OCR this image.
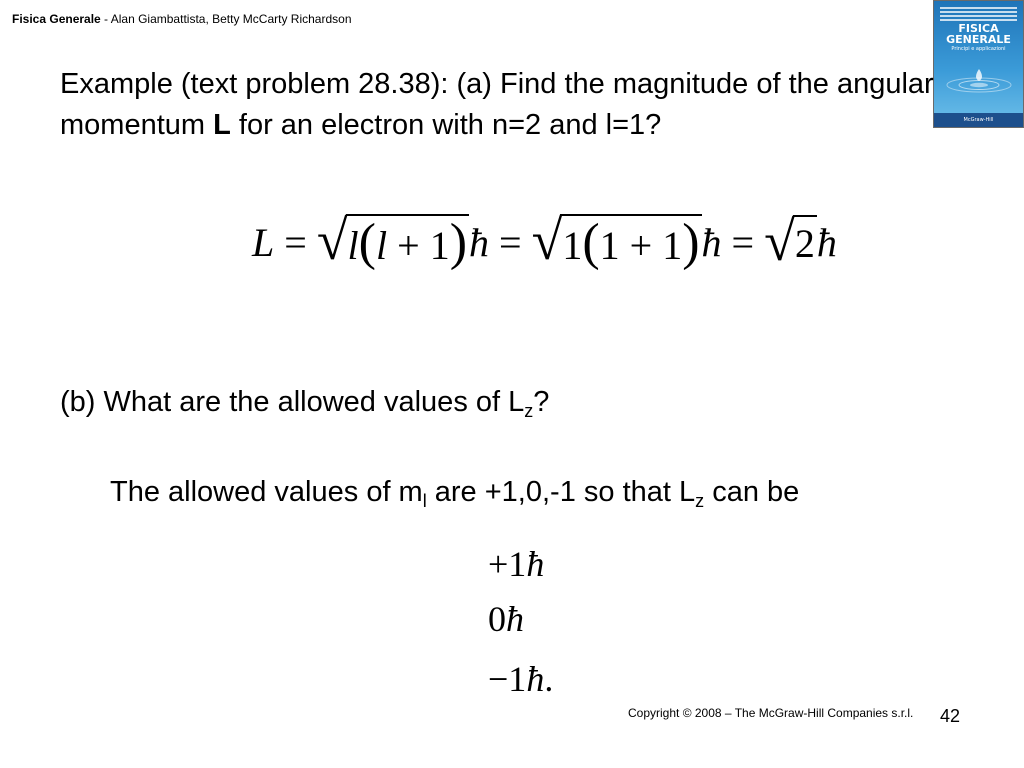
Fisica Generale - Alan Giambattista, Betty McCarty Richardson
FISICA
GENERALE
Principi e applicazioni
McGraw-Hill
Example (text problem 28.38): (a) Find the magnitude of the angular momentum L for an electron with n=2 and l=1?
L = √ l(l + 1) ħ = √ 1(1 + 1) ħ = √ 2 ħ
(b) What are the allowed values of $L_z$?
The allowed values of $m_l$ are +1,0,-1 so that $L_z$ can be
+1ħ
0ħ
−1ħ.
Copyright © 2008 – The McGraw-Hill Companies s.r.l. 42
